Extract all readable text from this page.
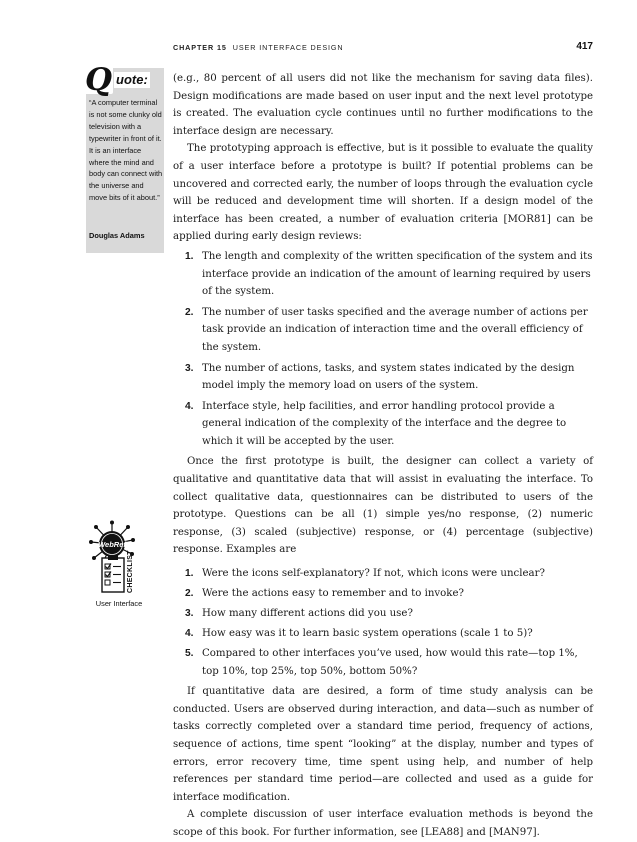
CHAPTER 15 USER INTERFACE DESIGN	417
Q uote:
“A computer terminal is not some clunky old television with a typewriter in front of it. It is an interface where the mind and body can connect with the universe and move bits of it about.”
Douglas Adams
WebRef
CHECKLIST
User Interface

(e.g., 80 percent of all users did not like the mechanism for saving data files). Design modifications are made based on user input and the next level prototype is created. The evaluation cycle continues until no further modifications to the interface design are necessary.

The prototyping approach is effective, but is it possible to evaluate the quality of a user interface before a prototype is built? If potential problems can be uncovered and corrected early, the number of loops through the evaluation cycle will be reduced and development time will shorten. If a design model of the interface has been created, a number of evaluation criteria [MOR81] can be applied during early design reviews:

1. The length and complexity of the written specification of the system and its interface provide an indication of the amount of learning required by users of the system.
2. The number of user tasks specified and the average number of actions per task provide an indication of interaction time and the overall efficiency of the system.
3. The number of actions, tasks, and system states indicated by the design model imply the memory load on users of the system.
4. Interface style, help facilities, and error handling protocol provide a general indication of the complexity of the interface and the degree to which it will be accepted by the user.

Once the first prototype is built, the designer can collect a variety of qualitative and quantitative data that will assist in evaluating the interface. To collect qualitative data, questionnaires can be distributed to users of the prototype. Questions can be all (1) simple yes/no response, (2) numeric response, (3) scaled (subjective) response, or (4) percentage (subjective) response. Examples are

1. Were the icons self-explanatory? If not, which icons were unclear?
2. Were the actions easy to remember and to invoke?
3. How many different actions did you use?
4. How easy was it to learn basic system operations (scale 1 to 5)?
5. Compared to other interfaces you’ve used, how would this rate—top 1%, top 10%, top 25%, top 50%, bottom 50%?

If quantitative data are desired, a form of time study analysis can be conducted. Users are observed during interaction, and data—such as number of tasks correctly completed over a standard time period, frequency of actions, sequence of actions, time spent “looking” at the display, number and types of errors, error recovery time, time spent using help, and number of help references per standard time period—are collected and used as a guide for interface modification.

A complete discussion of user interface evaluation methods is beyond the scope of this book. For further information, see [LEA88] and [MAN97].
